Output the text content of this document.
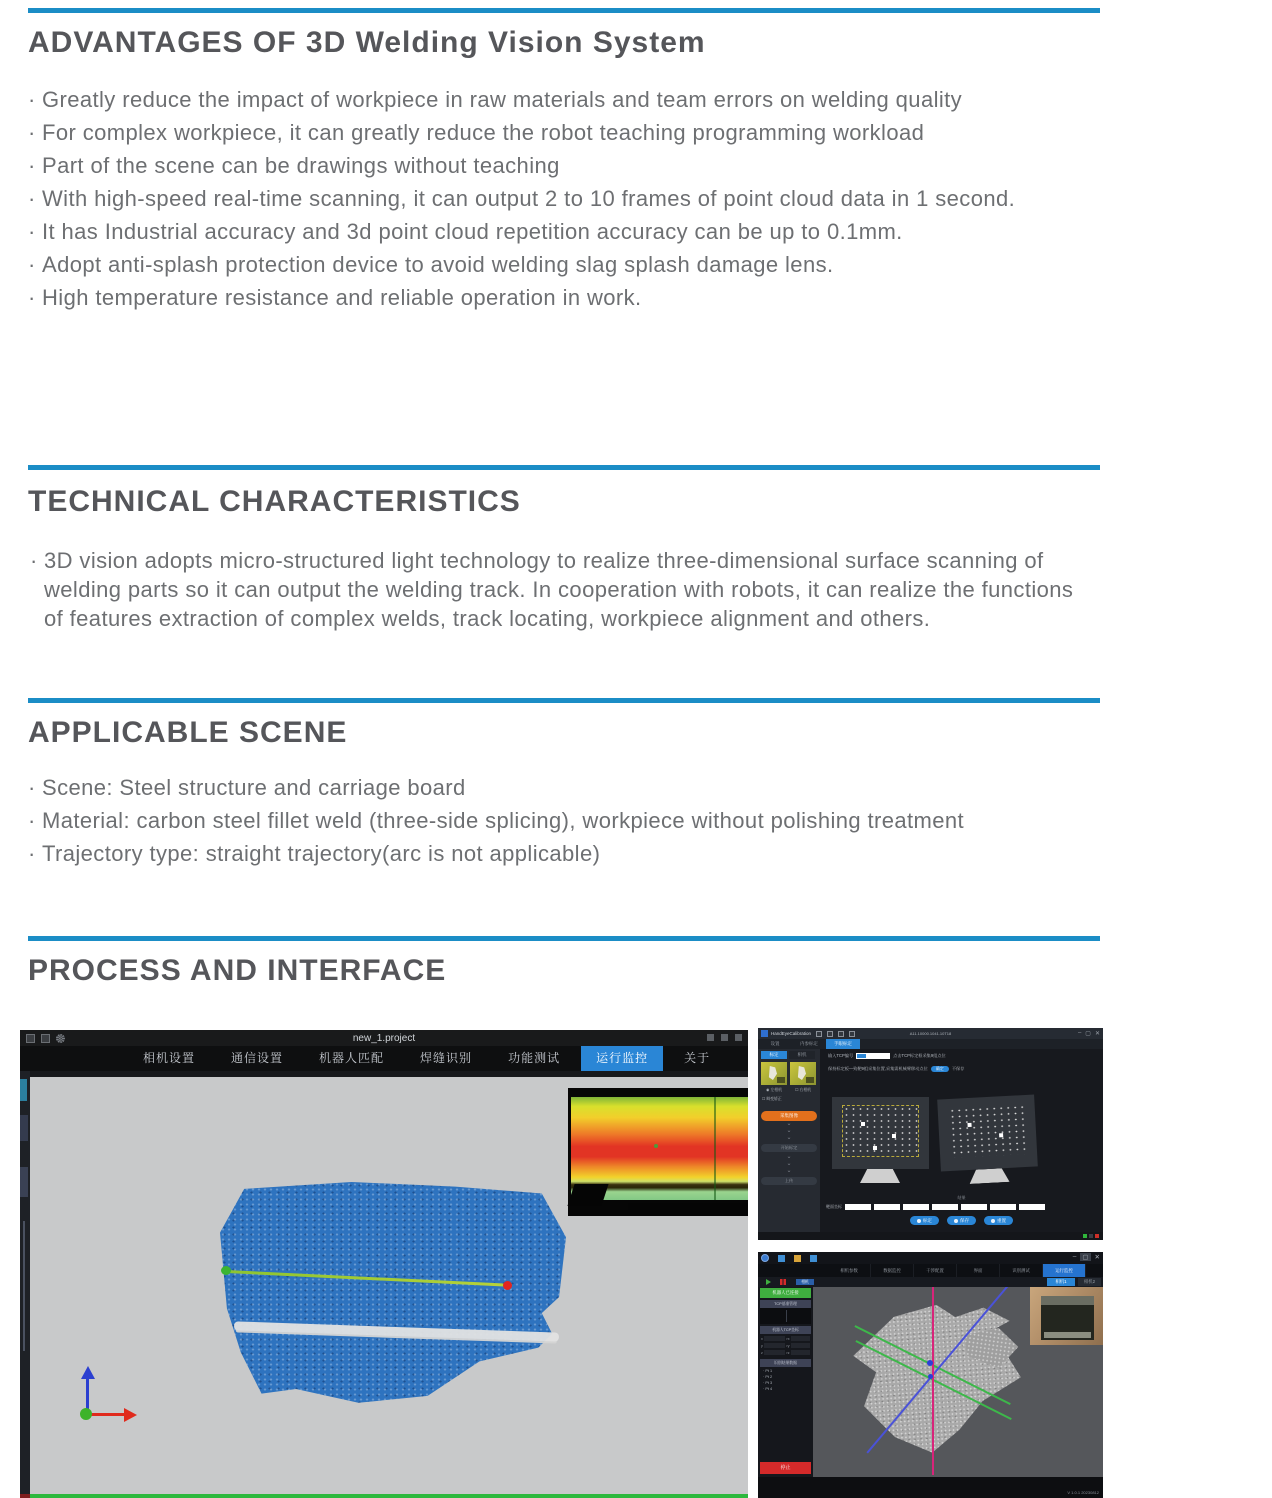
ADVANTAGES OF 3D Welding Vision System
· Greatly reduce the impact of workpiece in raw materials and team errors on welding quality
· For complex workpiece, it can greatly reduce the robot teaching programming workload
· Part of the scene can be drawings without teaching
· With high-speed real-time scanning, it can output 2 to 10 frames of point cloud data in 1 second.
· It has Industrial accuracy and 3d point cloud repetition accuracy can be up to 0.1mm.
· Adopt anti-splash protection device to avoid welding slag splash damage lens.
· High temperature resistance and reliable operation in work.
TECHNICAL CHARACTERISTICS

· 3D vision adopts micro-structured light technology to realize three-dimensional surface scanning of welding parts so it can output the welding track. In cooperation with robots, it can realize the functions of features extraction of complex welds, track locating, workpiece alignment and others.

APPLICABLE SCENE
· Scene: Steel structure and carriage board
· Material: carbon steel fillet weld (three-side splicing), workpiece without polishing treatment
· Trajectory type: straight trajectory(arc is not applicable)
PROCESS AND INTERFACE
new_1.project
相机设置	通信设置	机器人匹配	焊缝识别	功能测试	运行监控	关于
HandEyeCalibration	A11.10000.1041.10T18	– ▢ ✕
设置	内参标定	手眼标定
标定	相机
◉ 左相机	☐ 右相机
☐ 畸变矫正
采集图像
⌄
⌄
⌄
开始标定
⌄
⌄
⌄
上传
输入TCP编号	点击TCP标定框采集9组点位
保持标定板—致靶9组采集位置,采集需机械臂移动点位	确定	不保存
结果
靶面坐标
标定	保存	重置
– ▢ ✕
相机参数	数据监控	干涉配置	界面	识别测试	运行监控
相机	相机1	相机2
机器人已连接
TCP基准管理
机器人TCP坐标
x	rx
y	ry
z	rz
识别结果数据
· Pt 1
· Pt 2
· Pt 3
· Pt 4
停止
V 1.0.1 20230812
